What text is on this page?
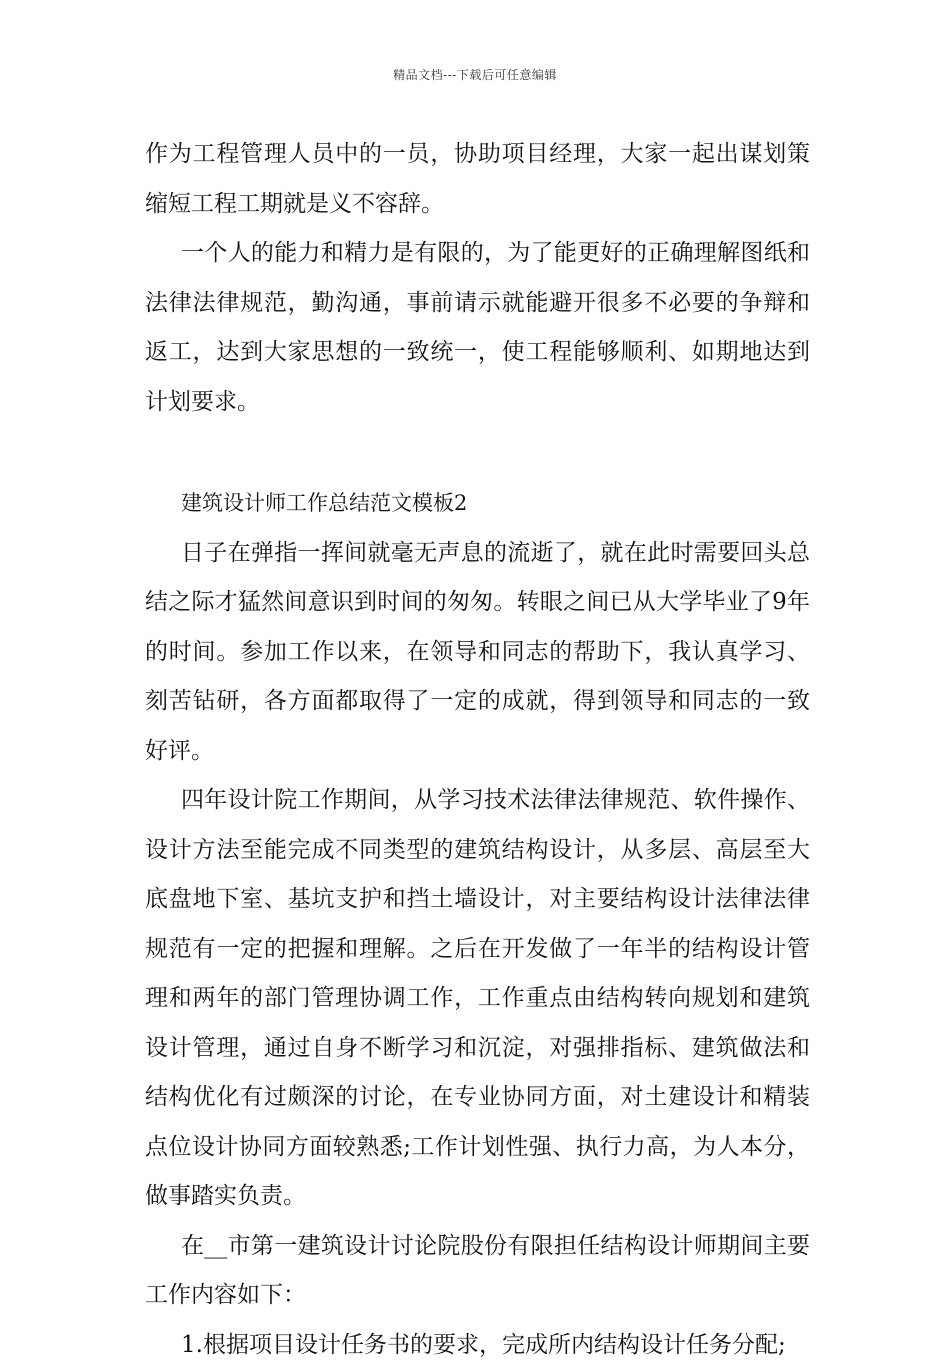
精品文档---下载后可任意编辑

作为工程管理人员中的一员，协助项目经理，大家一起出谋划策缩短工程工期就是义不容辞。

一个人的能力和精力是有限的，为了能更好的正确理解图纸和法律法律规范，勤沟通，事前请示就能避开很多不必要的争辩和返工，达到大家思想的一致统一，使工程能够顺利、如期地达到计划要求。

建筑设计师工作总结范文模板2

日子在弹指一挥间就毫无声息的流逝了，就在此时需要回头总结之际才猛然间意识到时间的匆匆。转眼之间已从大学毕业了9年的时间。参加工作以来，在领导和同志的帮助下，我认真学习、刻苦钻研，各方面都取得了一定的成就，得到领导和同志的一致好评。

四年设计院工作期间，从学习技术法律法律规范、软件操作、设计方法至能完成不同类型的建筑结构设计，从多层、高层至大底盘地下室、基坑支护和挡土墙设计，对主要结构设计法律法律规范有一定的把握和理解。之后在开发做了一年半的结构设计管理和两年的部门管理协调工作，工作重点由结构转向规划和建筑设计管理，通过自身不断学习和沉淀，对强排指标、建筑做法和结构优化有过颇深的讨论，在专业协同方面，对土建设计和精装点位设计协同方面较熟悉;工作计划性强、执行力高，为人本分，做事踏实负责。

在__市第一建筑设计讨论院股份有限担任结构设计师期间主要工作内容如下：

1.根据项目设计任务书的要求，完成所内结构设计任务分配;
